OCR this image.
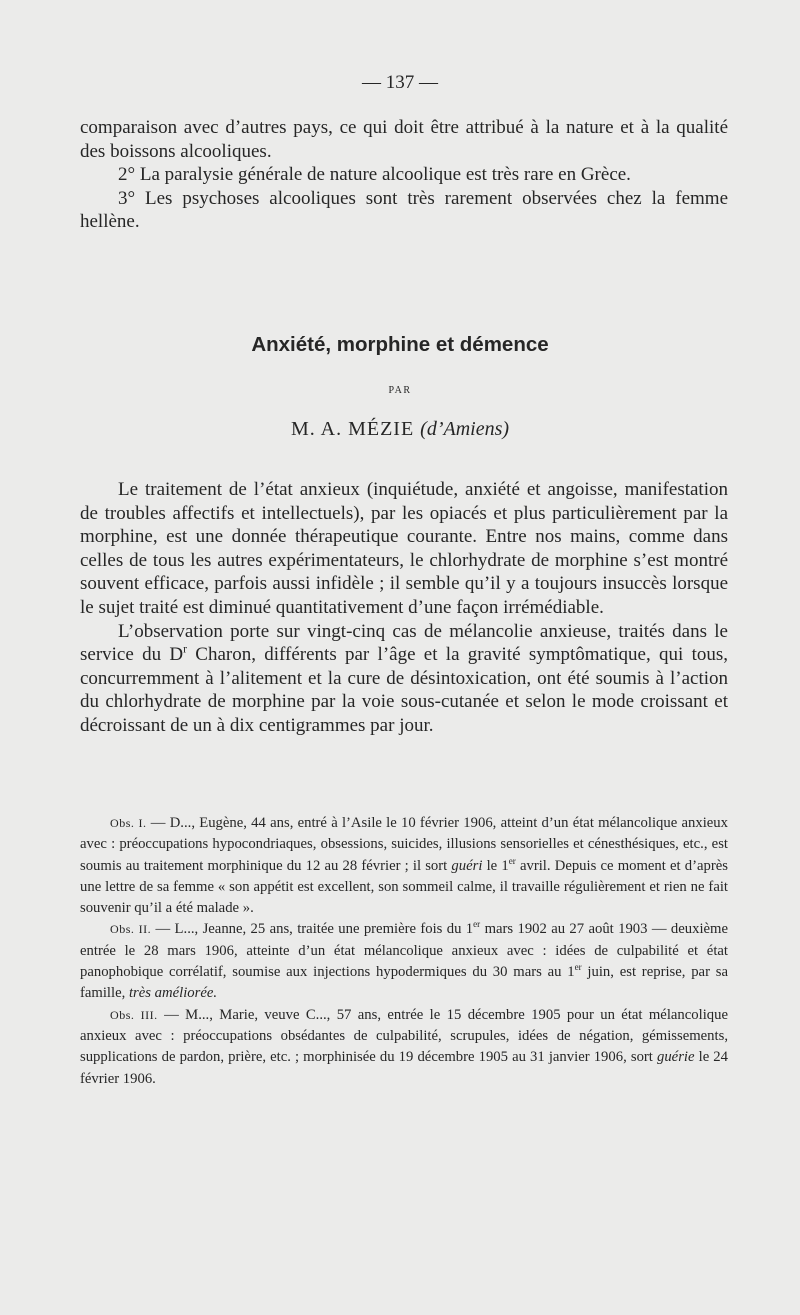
— 137 —

comparaison avec d’autres pays, ce qui doit être attribué à la nature et à la qualité des boissons alcooliques.

2° La paralysie générale de nature alcoolique est très rare en Grèce.

3° Les psychoses alcooliques sont très rarement observées chez la femme hellène.

Anxiété, morphine et démence
PAR
M. A. MÉZIE (d’Amiens)

Le traitement de l’état anxieux (inquiétude, anxiété et angoisse, manifestation de troubles affectifs et intellectuels), par les opiacés et plus particulièrement par la morphine, est une donnée thérapeutique courante. Entre nos mains, comme dans celles de tous les autres expérimentateurs, le chlorhydrate de morphine s’est montré souvent efficace, parfois aussi infidèle ; il semble qu’il y a toujours insuccès lorsque le sujet traité est diminué quantitativement d’une façon irrémédiable.

L’observation porte sur vingt-cinq cas de mélancolie anxieuse, traités dans le service du $D^r$ Charon, différents par l’âge et la gravité symptômatique, qui tous, concurremment à l’alitement et la cure de désintoxication, ont été soumis à l’action du chlorhydrate de morphine par la voie sous-cutanée et selon le mode croissant et décroissant de un à dix centigrammes par jour.

Obs. I. — D..., Eugène, 44 ans, entré à l’Asile le 10 février 1906, atteint d’un état mélancolique anxieux avec : préoccupations hypocondriaques, obsessions, suicides, illusions sensorielles et cénesthésiques, etc., est soumis au traitement morphinique du 12 au 28 février ; il sort guéri le 1er avril. Depuis ce moment et d’après une lettre de sa femme « son appétit est excellent, son sommeil calme, il travaille régulièrement et rien ne fait souvenir qu’il a été malade ».

Obs. II. — L..., Jeanne, 25 ans, traitée une première fois du 1er mars 1902 au 27 août 1903 — deuxième entrée le 28 mars 1906, atteinte d’un état mélancolique anxieux avec : idées de culpabilité et état panophobique corrélatif, soumise aux injections hypodermiques du 30 mars au 1er juin, est reprise, par sa famille, très améliorée.

Obs. III. — M..., Marie, veuve C..., 57 ans, entrée le 15 décembre 1905 pour un état mélancolique anxieux avec : préoccupations obsédantes de culpabilité, scrupules, idées de négation, gémissements, supplications de pardon, prière, etc. ; morphinisée du 19 décembre 1905 au 31 janvier 1906, sort guérie le 24 février 1906.
